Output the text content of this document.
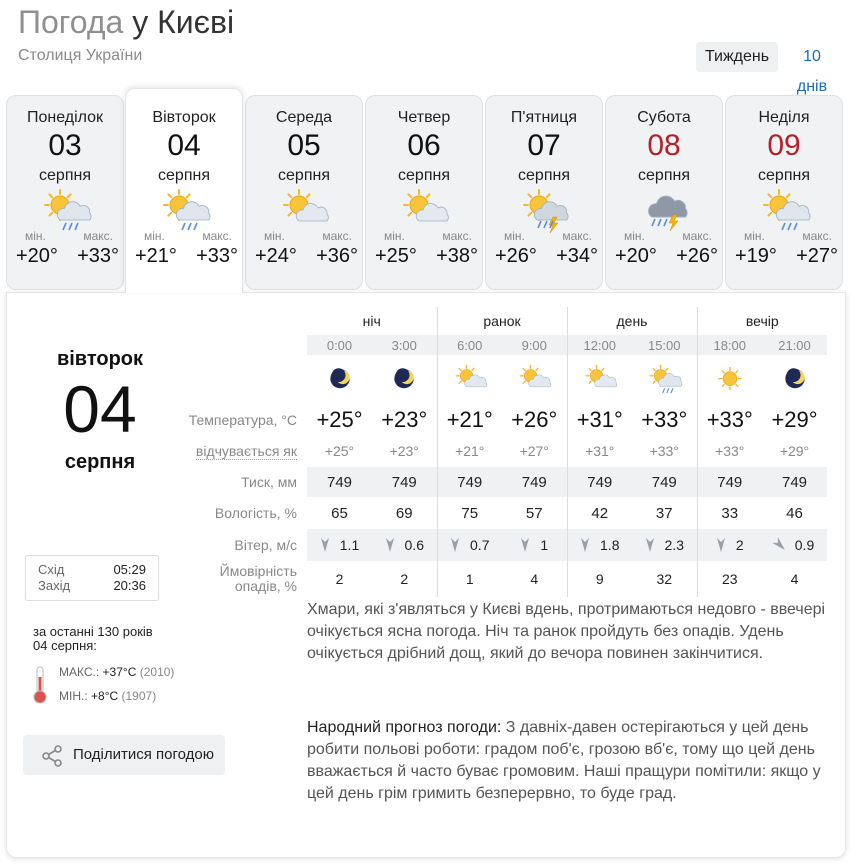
Погода у Києві
Столиця України	Тиждень	10 днів
Понеділок
03
серпня
мін.	макс.
+20° +33°
Вівторок
04
серпня
мін.	макс.
+21° +33°
Середа
05
серпня
мін.	макс.
+24° +36°
Четвер
06
серпня
мін.	макс.
+25° +38°
П'ятниця
07
серпня
мін.	макс.
+26° +34°
Субота
08
серпня
мін.	макс.
+20° +26°
Неділя
09
серпня
мін.	макс.
+19° +27°
вівторок
04
серпня
Схід	05:29
Захід	20:36
за останні 130 років
04 серпня:
МАКС.: +37°C (2010)
МІН.: +8°C (1907)
Поділитися погодою
	ніч		ранок		день		вечір	
	0:00	3:00	6:00	9:00	12:00	15:00	18:00	21:00

Температура, °C	+25°	+23°	+21°	+26°	+31°	+33°	+33°	+29°
відчувається як	+25°	+23°	+21°	+27°	+31°	+33°	+33°	+29°
Тиск, мм	749	749	749	749	749	749	749	749
Вологість, %	65	69	75	57	42	37	33	46
Вітер, м/с	1.1	0.6	0.7	1	1.8	2.3	2	0.9

Ймовірність
опадів, %	2	2	1	4	9	32	23	4
Хмари, які з'являться у Києві вдень, протримаються недовго - ввечері очікується ясна погода. Ніч та ранок пройдуть без опадів. Удень очікується дрібний дощ, який до вечора повинен закінчитися.
Народний прогноз погоди: З давніх-давен остерігаються у цей день робити польові роботи: градом поб'є, грозою вб'є, тому що цей день вважається й часто буває громовим. Наші пращури помітили: якщо у цей день грім гримить безперервно, то буде град.
